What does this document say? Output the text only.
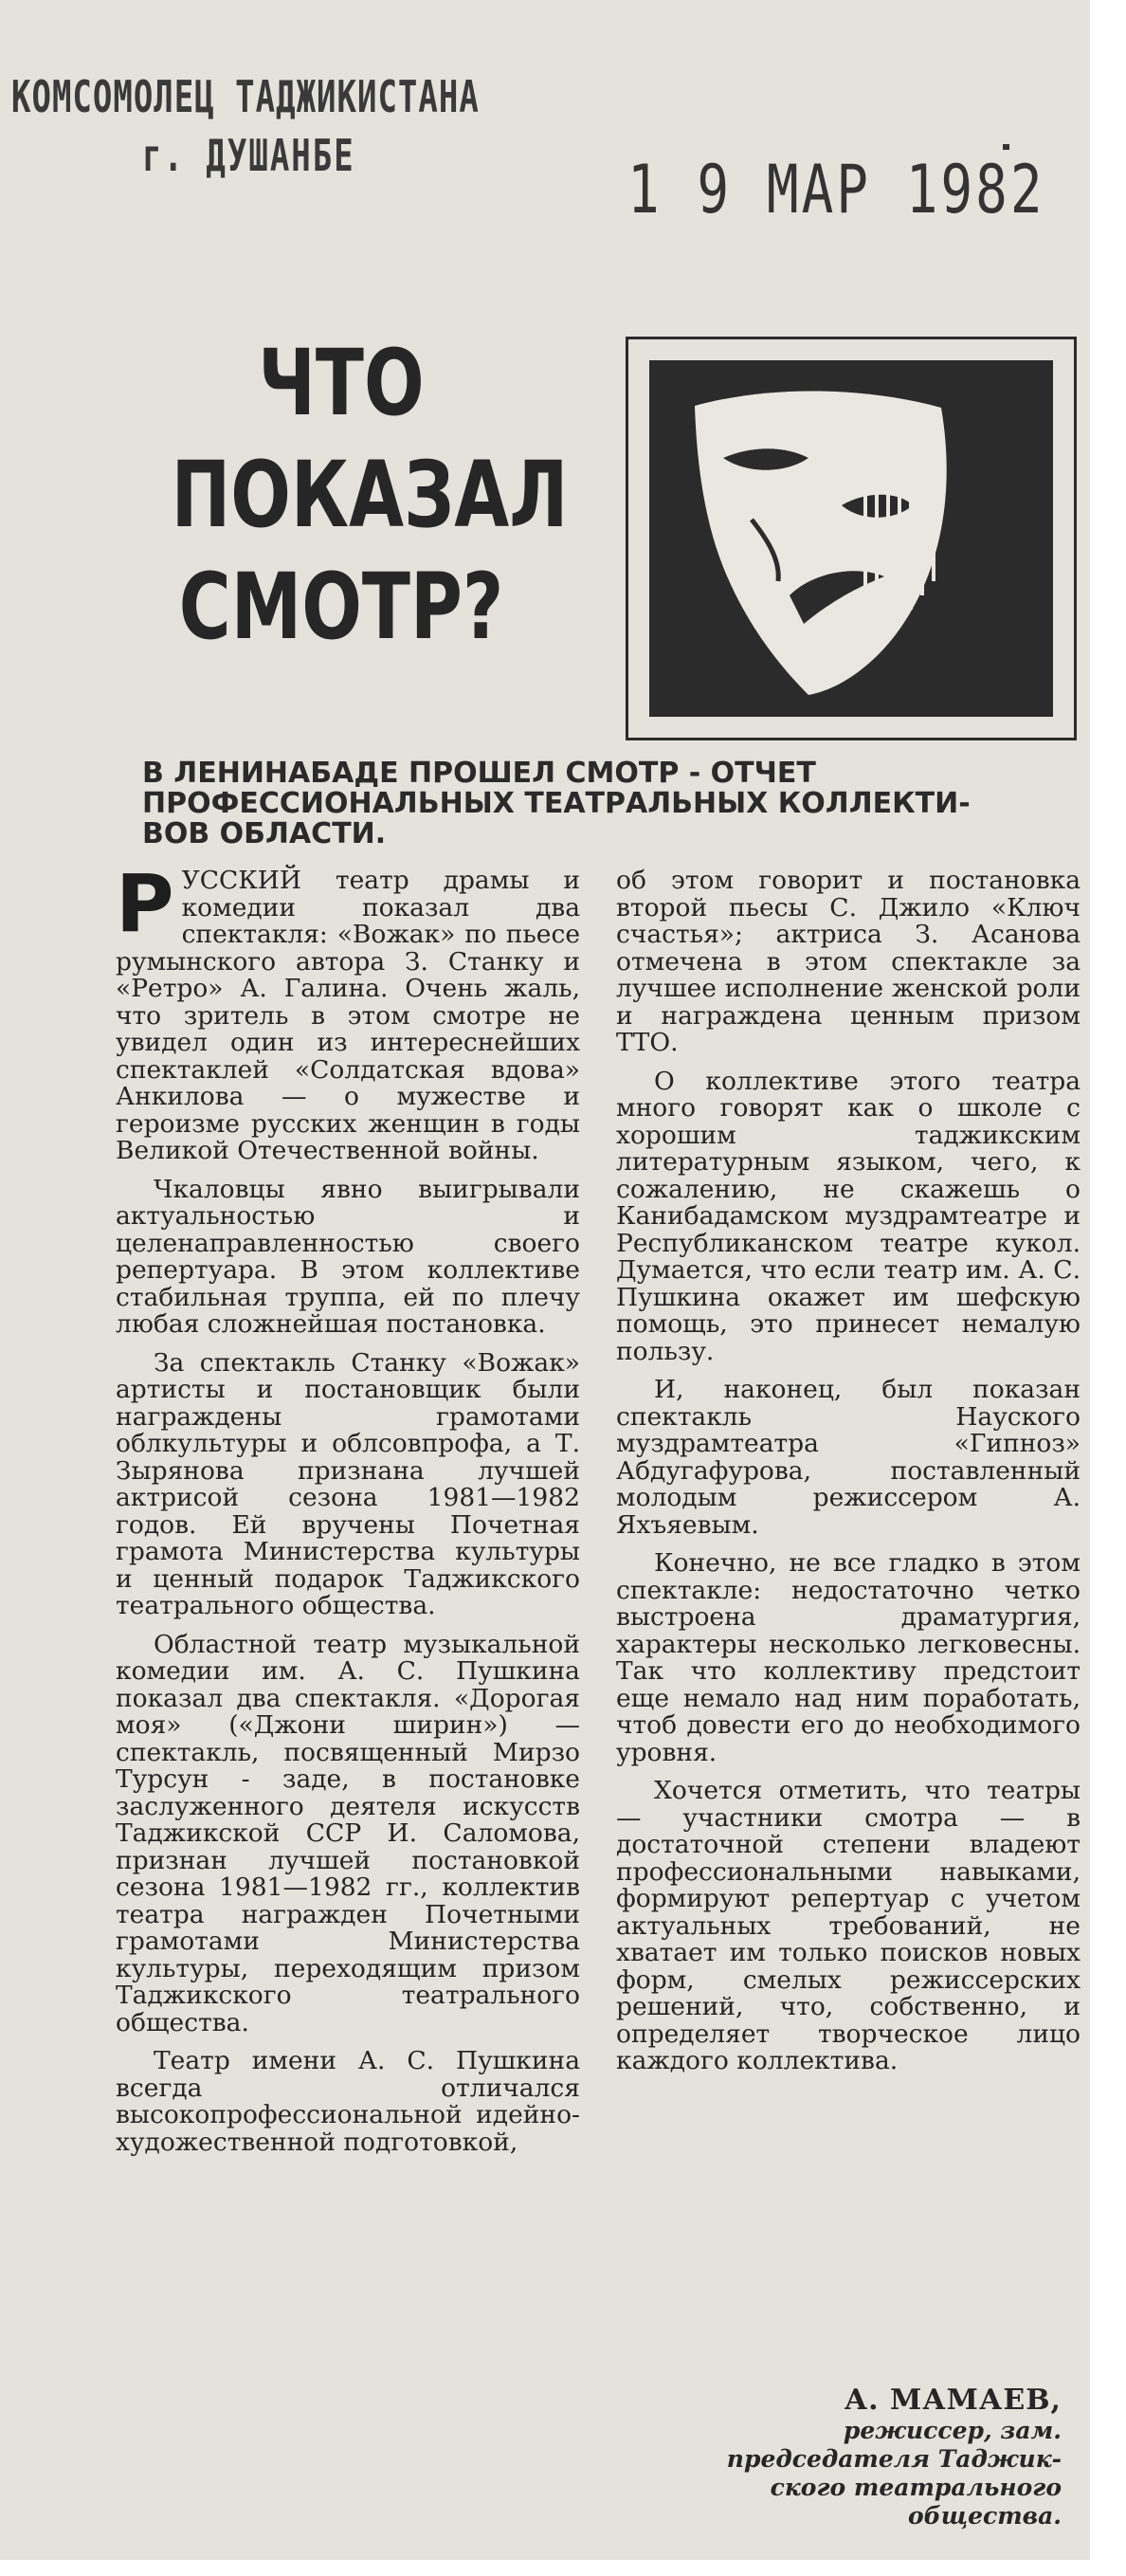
КОМСОМОЛЕЦ ТАДЖИКИСТАНА
г. ДУШАНБЕ	1 9 МАР 1982
ЧТО
ПОКАЗАЛ
СМОТР?
В ЛЕНИНАБАДЕ ПРОШЕЛ СМОТР - ОТЧЕТ
ПРОФЕССИОНАЛЬНЫХ ТЕАТРАЛЬНЫХ КОЛЛЕКТИ-
ВОВ ОБЛАСТИ.

РУССКИЙ театр драмы и комедии показал два спектакля: «Вожак» по пьесе румынского автора З. Станку и «Ретро» А. Галина. Очень жаль, что зритель в этом смотре не увидел один из интереснейших спектаклей «Солдатская вдова» Анкилова — о мужестве и героизме русских женщин в годы Великой Отечественной войны.

Чкаловцы явно выигрывали актуальностью и целенаправленностью своего репертуара. В этом коллективе стабильная труппа, ей по плечу любая сложнейшая постановка.

За спектакль Станку «Вожак» артисты и постановщик были награждены грамотами облкультуры и облсовпрофа, а Т. Зырянова признана лучшей актрисой сезона 1981—1982 годов. Ей вручены Почетная грамота Министерства культуры и ценный подарок Таджикского театрального общества.

Областной театр музыкальной комедии им. А. С. Пушкина показал два спектакля. «Дорогая моя» («Джони ширин») — спектакль, посвященный Мирзо Турсун - заде, в постановке заслуженного деятеля искусств Таджикской ССР И. Саломова, признан лучшей постановкой сезона 1981—1982 гг., коллектив театра награжден Почетными грамотами Министерства культуры, переходящим призом Таджикского театрального общества.

Театр имени А. С. Пушкина всегда отличался высокопрофессиональной идейно-художественной подготовкой,

об этом говорит и постановка второй пьесы С. Джило «Ключ счастья»; актриса З. Асанова отмечена в этом спектакле за лучшее исполнение женской роли и награждена ценным призом ТТО.

О коллективе этого театра много говорят как о школе с хорошим таджикским литературным языком, чего, к сожалению, не скажешь о Канибадамском муздрамтеатре и Республиканском театре кукол. Думается, что если театр им. А. С. Пушкина окажет им шефскую помощь, это принесет немалую пользу.

И, наконец, был показан спектакль Науского муздрамтеатра «Гипноз» Абдугафурова, поставленный молодым режиссером А. Яхъяевым.

Конечно, не все гладко в этом спектакле: недостаточно четко выстроена драматургия, характеры несколько легковесны. Так что коллективу предстоит еще немало над ним поработать, чтоб довести его до необходимого уровня.

Хочется отметить, что театры — участники смотра — в достаточной степени владеют профессиональными навыками, формируют репертуар с учетом актуальных требований, не хватает им только поисков новых форм, смелых режиссерских решений, что, собственно, и определяет творческое лицо каждого коллектива.

А. МАМАЕВ,
режиссер, зам.
председателя Таджик-
ского театрального
общества.
